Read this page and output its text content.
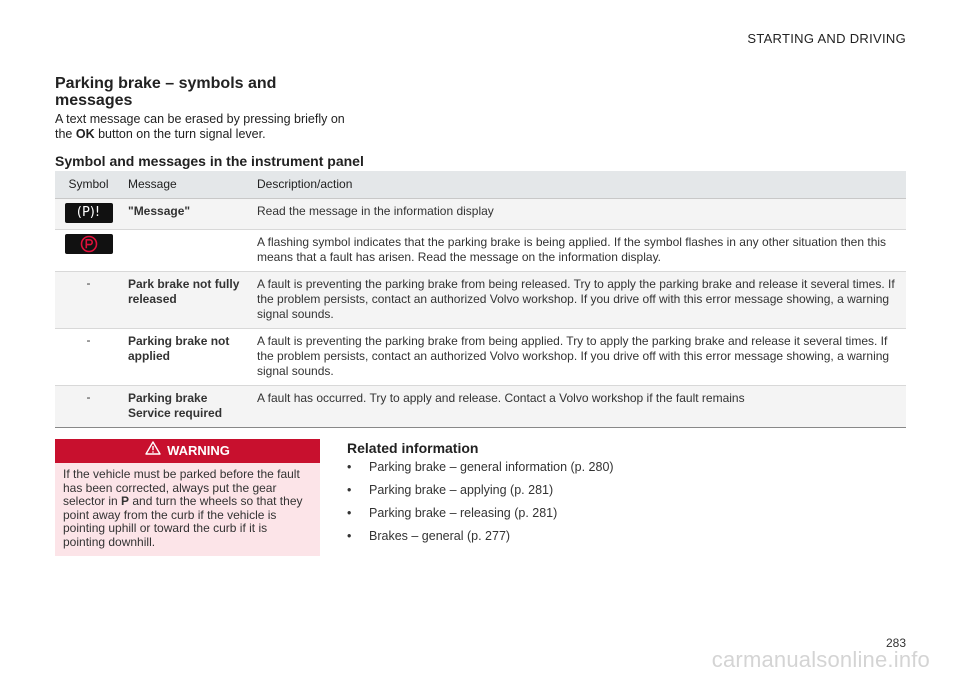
STARTING AND DRIVING
Parking brake – symbols and messages
A text message can be erased by pressing briefly on the OK button on the turn signal lever.
Symbol and messages in the instrument panel
Symbol	Message	Description/action
(P)!	"Message"	Read the message in the information display

		A flashing symbol indicates that the parking brake is being applied. If the symbol flashes in any other situation then this means that a fault has arisen. Read the message on the information display.
-	Park brake not fully released	A fault is preventing the parking brake from being released. Try to apply the parking brake and release it several times. If the problem persists, contact an authorized Volvo workshop. If you drive off with this error message showing, a warning signal sounds.
-	Parking brake not applied	A fault is preventing the parking brake from being applied. Try to apply the parking brake and release it several times. If the problem persists, contact an authorized Volvo workshop. If you drive off with this error message showing, a warning signal sounds.
-	Parking brake Service required	A fault has occurred. Try to apply and release. Contact a Volvo workshop if the fault remains
WARNING
If the vehicle must be parked before the fault has been corrected, always put the gear selector in P and turn the wheels so that they point away from the curb if the vehicle is pointing uphill or toward the curb if it is pointing downhill.
Related information
•	Parking brake – general information (p. 280)
•	Parking brake – applying (p. 281)
•	Parking brake – releasing (p. 281)
•	Brakes – general (p. 277)
283
carmanualsonline.info
